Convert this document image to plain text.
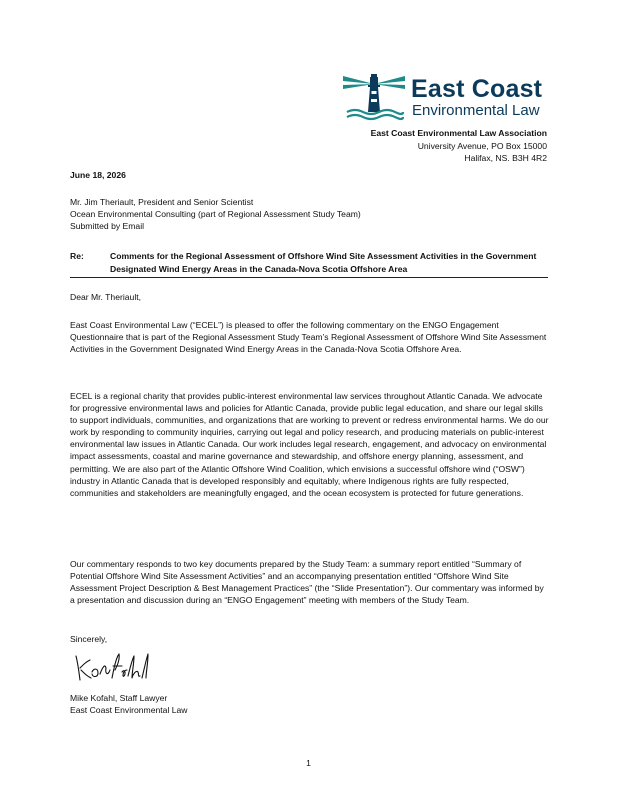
East Coast
Environmental Law
East Coast Environmental Law Association
University Avenue, PO Box 15000
Halifax, NS. B3H 4R2
June 18, 2026
Mr. Jim Theriault, President and Senior Scientist
Ocean Environmental Consulting (part of Regional Assessment Study Team)
Submitted by Email
Re:	Comments for the Regional Assessment of Offshore Wind Site Assessment Activities in the Government Designated Wind Energy Areas in the Canada-Nova Scotia Offshore Area
Dear Mr. Theriault,
East Coast Environmental Law (“ECEL”) is pleased to offer the following commentary on the ENGO Engagement Questionnaire that is part of the Regional Assessment Study Team’s Regional Assessment of Offshore Wind Site Assessment Activities in the Government Designated Wind Energy Areas in the Canada-Nova Scotia Offshore Area.
ECEL is a regional charity that provides public-interest environmental law services throughout Atlantic Canada. We advocate for progressive environmental laws and policies for Atlantic Canada, provide public legal education, and share our legal skills to support individuals, communities, and organizations that are working to prevent or redress environmental harms. We do our work by responding to community inquiries, carrying out legal and policy research, and producing materials on public-interest environmental law issues in Atlantic Canada. Our work includes legal research, engagement, and advocacy on environmental impact assessments, coastal and marine governance and stewardship, and offshore energy planning, assessment, and permitting. We are also part of the Atlantic Offshore Wind Coalition, which envisions a successful offshore wind (“OSW”) industry in Atlantic Canada that is developed responsibly and equitably, where Indigenous rights are fully respected, communities and stakeholders are meaningfully engaged, and the ocean ecosystem is protected for future generations.
Our commentary responds to two key documents prepared by the Study Team: a summary report entitled “Summary of Potential Offshore Wind Site Assessment Activities” and an accompanying presentation entitled “Offshore Wind Site Assessment Project Description & Best Management Practices” (the “Slide Presentation”). Our commentary was informed by a presentation and discussion during an “ENGO Engagement” meeting with members of the Study Team.
Sincerely,
Mike Kofahl, Staff Lawyer
East Coast Environmental Law
1
